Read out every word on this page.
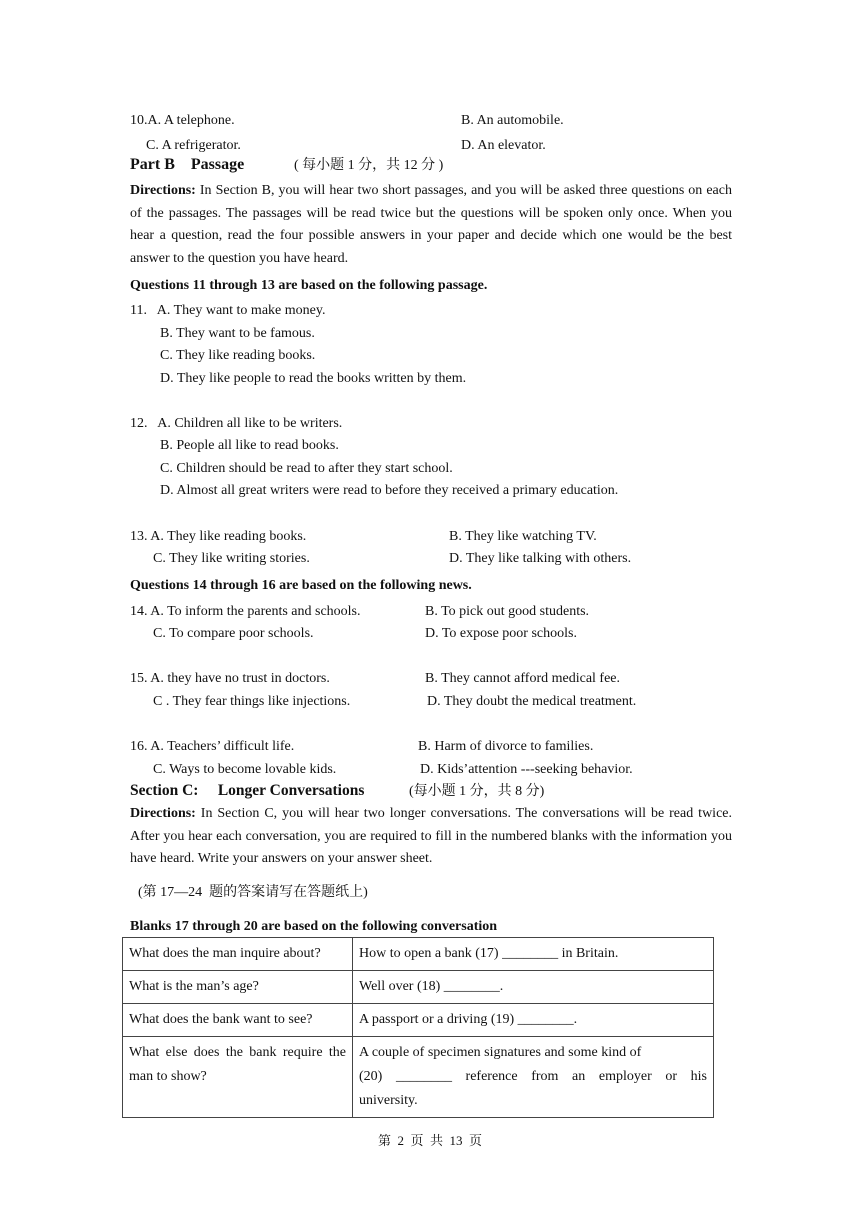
10.A. A telephone.	B. An automobile.
C. A refrigerator.	D. An elevator.
Part B    Passage	( 每小题 1 分，共 12 分 )
Directions: In Section B, you will hear two short passages, and you will be asked three questions on each of the passages. The passages will be read twice but the questions will be spoken only once. When you hear a question, read the four possible answers in your paper and decide which one would be the best answer to the question you have heard.
Questions 11 through 13 are based on the following passage.
11.   A. They want to make money.
B. They want to be famous.
C. They like reading books.
D. They like people to read the books written by them.
12.   A. Children all like to be writers.
B. People all like to read books.
C. Children should be read to after they start school.
D. Almost all great writers were read to before they received a primary education.
13. A. They like reading books.	B. They like watching TV.
C. They like writing stories.	D. They like talking with others.
Questions 14 through 16 are based on the following news.
14. A. To inform the parents and schools.	B. To pick out good students.
C. To compare poor schools.	D. To expose poor schools.
15. A. they have no trust in doctors.	B. They cannot afford medical fee.
C . They fear things like injections.	D. They doubt the medical treatment.
16. A. Teachers’ difficult life.	B. Harm of divorce to families.
C. Ways to become lovable kids.	D. Kids’attention ---seeking behavior.
Section C:     Longer Conversations	(每小题 1 分，共 8 分)
Directions: In Section C, you will hear two longer conversations. The conversations will be read twice. After you hear each conversation, you are required to fill in the numbered blanks with the information you have heard. Write your answers on your answer sheet.
(第 17—24  题的答案请写在答题纸上)
Blanks 17 through 20 are based on the following conversation
What does the man inquire about?	How to open a bank (17) ________ in Britain.
What is the man’s age?	Well over (18) ________.
What does the bank want to see?	A passport or a driving (19) ________.
What else does the bank require the man to show?	A couple of specimen signatures and some kind of
(20) ________ reference from an employer or his
university.
第  2  页  共  13  页
